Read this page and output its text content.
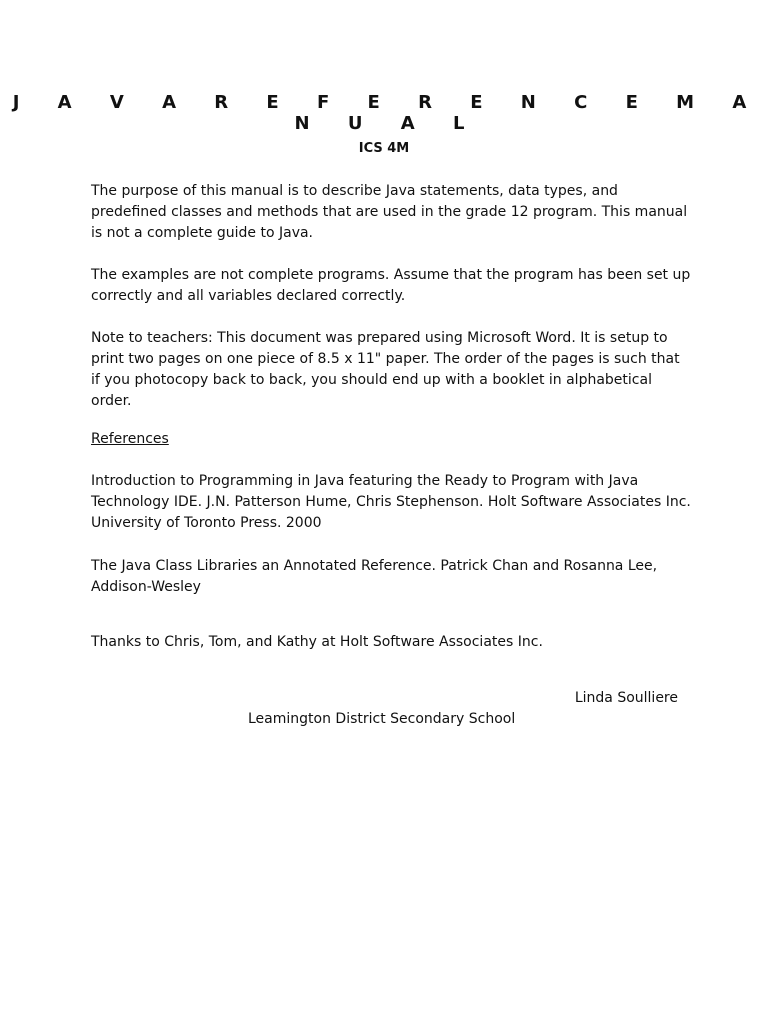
J A V A R E F E R E N C E M A N U A L
ICS 4M

The purpose of this manual is to describe Java statements, data types, and predefined classes and methods that are used in the grade 12 program. This manual is not a complete guide to Java.

The examples are not complete programs. Assume that the program has been set up correctly and all variables declared correctly.

Note to teachers: This document was prepared using Microsoft Word. It is setup to print two pages on one piece of 8.5 x 11" paper. The order of the pages is such that if you photocopy back to back, you should end up with a booklet in alphabetical order.

References

Introduction to Programming in Java featuring the Ready to Program with Java Technology IDE. J.N. Patterson Hume, Chris Stephenson. Holt Software Associates Inc. University of Toronto Press. 2000

The Java Class Libraries an Annotated Reference. Patrick Chan and Rosanna Lee, Addison-Wesley

Thanks to Chris, Tom, and Kathy at Holt Software Associates Inc.

Linda Soulliere
Leamington District Secondary School
